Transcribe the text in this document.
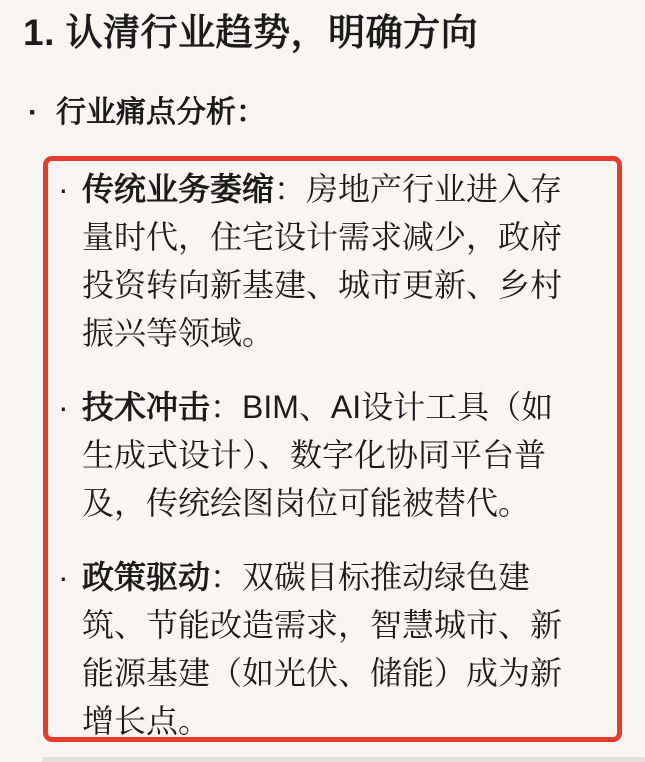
1. 认清行业趋势，明确方向
· 行业痛点分析：
· 传统业务萎缩：房地产行业进入存
量时代，住宅设计需求减少，政府
投资转向新基建、城市更新、乡村
振兴等领域。

· 技术冲击：BIM、AI设计工具（如
生成式设计）、数字化协同平台普
及，传统绘图岗位可能被替代。

· 政策驱动：双碳目标推动绿色建
筑、节能改造需求，智慧城市、新
能源基建（如光伏、储能）成为新
增长点。
